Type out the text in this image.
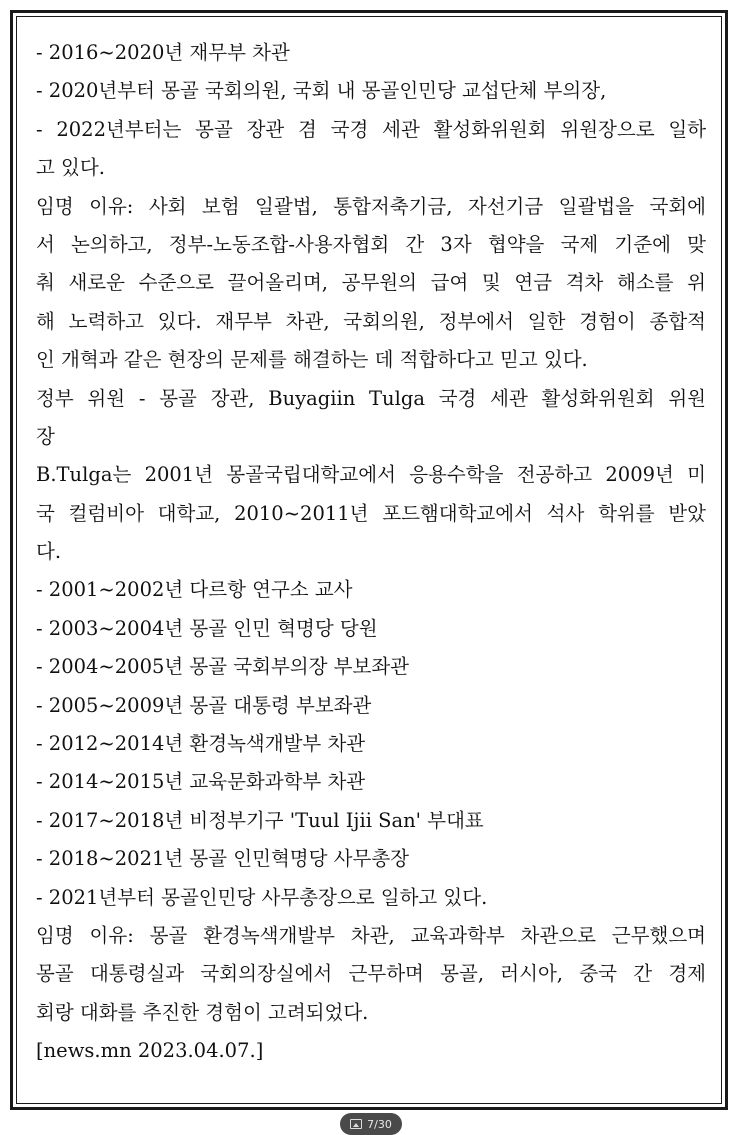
- 2016~2020년 재무부 차관
- 2020년부터 몽골 국회의원, 국회 내 몽골인민당 교섭단체 부의장,
- 2022년부터는 몽골 장관 겸 국경 세관 활성화위원회 위원장으로 일하
고 있다.
임명 이유: 사회 보험 일괄법, 통합저축기금, 자선기금 일괄법을 국회에
서 논의하고, 정부-노동조합-사용자협회 간 3자 협약을 국제 기준에 맞
춰 새로운 수준으로 끌어올리며, 공무원의 급여 및 연금 격차 해소를 위
해 노력하고 있다. 재무부 차관, 국회의원, 정부에서 일한 경험이 종합적
인 개혁과 같은 현장의 문제를 해결하는 데 적합하다고 믿고 있다.
정부 위원 - 몽골 장관, Buyagiin Tulga 국경 세관 활성화위원회 위원
장
B.Tulga는 2001년 몽골국립대학교에서 응용수학을 전공하고 2009년 미
국 컬럼비아 대학교, 2010~2011년 포드햄대학교에서 석사 학위를 받았
다.
- 2001~2002년 다르항 연구소 교사
- 2003~2004년 몽골 인민 혁명당 당원
- 2004~2005년 몽골 국회부의장 부보좌관
- 2005~2009년 몽골 대통령 부보좌관
- 2012~2014년 환경녹색개발부 차관
- 2014~2015년 교육문화과학부 차관
- 2017~2018년 비정부기구 'Tuul Ijii San' 부대표
- 2018~2021년 몽골 인민혁명당 사무총장
- 2021년부터 몽골인민당 사무총장으로 일하고 있다.
임명 이유: 몽골 환경녹색개발부 차관, 교육과학부 차관으로 근무했으며
몽골 대통령실과 국회의장실에서 근무하며 몽골, 러시아, 중국 간 경제
회랑 대화를 추진한 경험이 고려되었다.
[news.mn 2023.04.07.]
7/30
